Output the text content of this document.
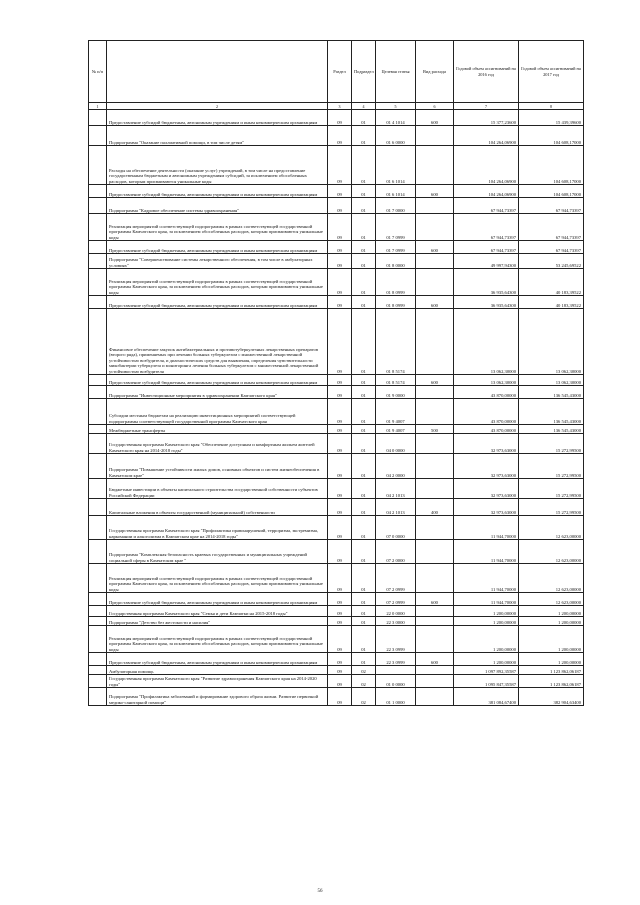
№ п/п		Раздел	Подраздел	Целевая статья	Вид расхода	Годовой объем ассигнований на 2016 год	Годовой объем ассигнований на 2017 год
1	2	3	4	5	6	7	8
	Предоставление субсидий бюджетным, автономным учреждениям и иным некоммерческим организациям	09	01	01 4 1014	600	15 377,23600	15 439,39600
	Подпрограмма "Оказание паллиативной помощи, в том числе детям"	09	01	01 6 0000		104 264,06900	104 608,17000
	Расходы на обеспечение деятельности (оказание услуг) учреждений, в том числе на предоставление государственным бюджетным и автономным учреждениям субсидий, за исключением обособленных расходов, которым присваиваются уникальные коды	09	01	01 6 1014		104 264,06900	104 608,17000
	Предоставление субсидий бюджетным, автономным учреждениям и иным некоммерческим организациям	09	01	01 6 1014	600	104 264,06900	104 608,17000
	Подпрограмма "Кадровое обеспечение системы здравоохранения"	09	01	01 7 0000		67 944,73397	67 944,73397
	Реализация мероприятий соответствующей подпрограммы в рамках соответствующей государственной программы Камчатского края, за исключением обособленных расходов, которым присваиваются уникальные коды	09	01	01 7 0999		67 944,73397	67 944,73397
	Предоставление субсидий бюджетным, автономным учреждениям и иным некоммерческим организациям	09	01	01 7 0999	600	67 944,73397	67 944,73397
	Подпрограмма "Совершенствование системы лекарственного обеспечения, в том числе в амбулаторных условиях"	09	01	01 8 0000		49 997,94300	53 245,69522
	Реализация мероприятий соответствующей подпрограммы в рамках соответствующей государственной программы Камчатского края, за исключением обособленных расходов, которым присваиваются уникальные коды	09	01	01 8 0999		36 935,64300	40 183,39522
	Предоставление субсидий бюджетным, автономным учреждениям и иным некоммерческим организациям	09	01	01 8 0999	600	36 935,64300	40 183,39522
	Финансовое обеспечение закупок антибактериальных и противотуберкулезных лекарственных препаратов (второго ряда), применяемых при лечении больных туберкулезом с множественной лекарственной устойчивостью возбудителя, и диагностических средств для выявления, определения чувствительности микобактерии туберкулеза и мониторинга лечения больных туберкулезом с множественной лекарственной устойчивостью возбудителя	09	01	01 8 5174		13 062,30000	13 062,30000
	Предоставление субсидий бюджетным, автономным учреждениям и иным некоммерческим организациям	09	01	01 8 5174	600	13 062,30000	13 062,30000
	Подпрограмма "Инвестиционные мероприятия в здравоохранении Камчатского края"	09	01	01 9 0000		43 870,00000	136 545,43000
	Субсидии местным бюджетам на реализацию инвестиционных мероприятий соответствующей подпрограммы соответствующей государственной программы Камчатского края	09	01	01 9 4007		43 870,00000	136 545,43000
	Межбюджетные трансферты	09	01	01 9 4007	500	43 870,00000	136 545,43000
	Государственная программа Камчатского края "Обеспечение доступным и комфортным жильем жителей Камчатского края на 2014-2018 годы"	09	01	04 0 0000		32 973,63000	15 272,99500
	Подпрограмма "Повышение устойчивости жилых домов, основных объектов и систем жизнеобеспечения в Камчатском крае"	09	01	04 2 0000		32 973,63000	15 272,99500
	Бюджетные инвестиции в объекты капитального строительства государственной собственности субъектов Российской Федерации	09	01	04 2 1013		32 973,63000	15 272,99500
	Капитальные вложения в объекты государственной (муниципальной) собственности	09	01	04 2 1013	400	32 973,63000	15 272,99500
	Государственная программа Камчатского края "Профилактика правонарушений, терроризма, экстремизма, наркомании и алкоголизма в Камчатском крае на 2014-2018 годы"	09	01	07 0 0000		11 944,70000	12 623,00000
	Подпрограмма "Комплексная безопасность краевых государственных и муниципальных учреждений социальной сферы в Камчатском крае "	09	01	07 2 0000		11 944,70000	12 623,00000
	Реализация мероприятий соответствующей подпрограммы в рамках соответствующей государственной программы Камчатского края, за исключением обособленных расходов, которым присваиваются уникальные коды	09	01	07 2 0999		11 944,70000	12 623,00000
	Предоставление субсидий бюджетным, автономным учреждениям и иным некоммерческим организациям	09	01	07 2 0999	600	11 944,70000	12 623,00000
	Государственная программа Камчатского края "Семья и дети Камчатки на 2015-2018 годы"	09	01	22 0 0000		1 200,00000	1 200,00000
	Подпрограмма "Детство без жестокости и насилия"	09	01	22 3 0000		1 200,00000	1 200,00000
	Реализация мероприятий соответствующей подпрограммы в рамках соответствующей государственной программы Камчатского края, за исключением обособленных расходов, которым присваиваются уникальные коды	09	01	22 3 0999		1 200,00000	1 200,00000
	Предоставление субсидий бюджетным, автономным учреждениям и иным некоммерческим организациям	09	01	22 3 0999	600	1 200,00000	1 200,00000
	Амбулаторная помощь	09	02			1 097 892,35587	1 123 862,06187
	Государственная программа Камчатского края "Развитие здравоохранения Камчатского края на 2014-2020 годы"	09	02	01 0 0000		1 095 847,35587	1 123 862,06187
	Подпрограмма "Профилактика заболеваний и формирование здорового образа жизни. Развитие первичной медико-санитарной помощи"	09	02	01 1 0000		381 084,67400	382 904,63400
56
